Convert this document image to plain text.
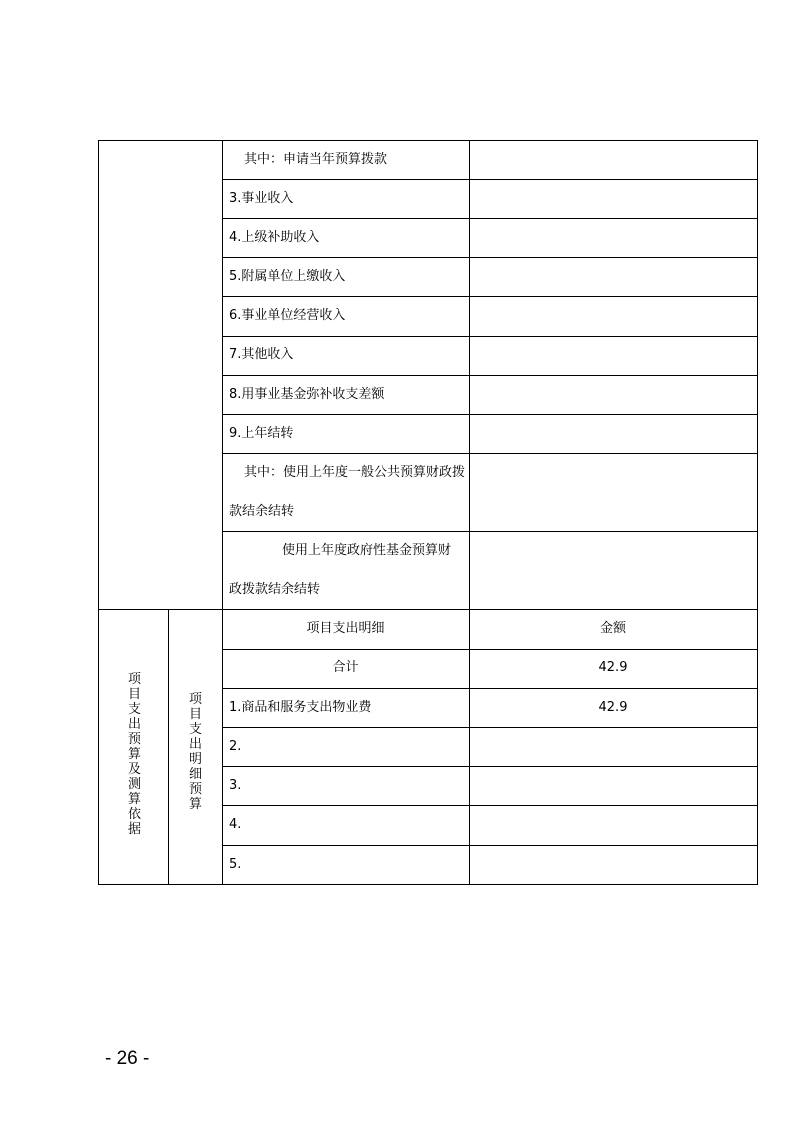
其中：申请当年预算拨款
3.事业收入
4.上级补助收入
5.附属单位上缴收入
6.事业单位经营收入
7.其他收入
8.用事业基金弥补收支差额
9.上年结转
其中：使用上年度一般公共预算财政拨
款结余结转
使用上年度政府性基金预算财
政拨款结余结转
项目支出预算及测算依据
项目支出明细预算
项目支出明细	金额
合计	42.9
1.商品和服务支出物业费	42.9
2.
3.
4.
5.
- 26 -
